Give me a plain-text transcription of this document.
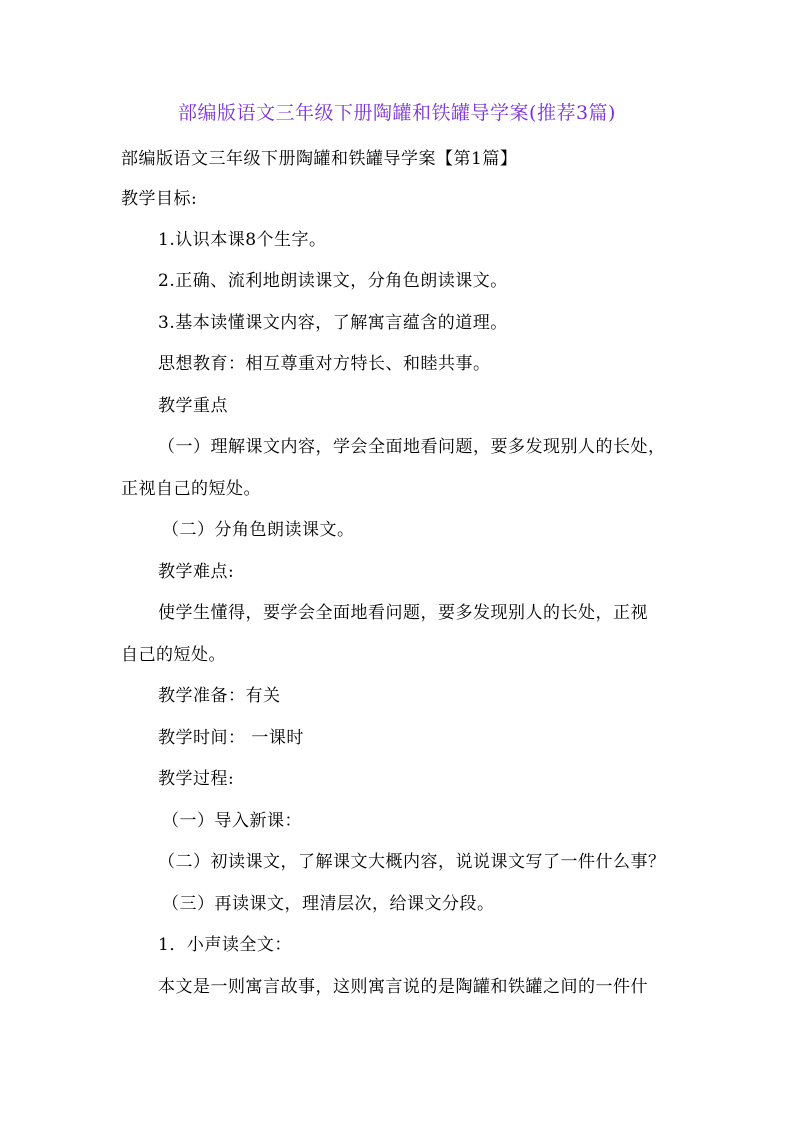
部编版语文三年级下册陶罐和铁罐导学案(推荐3篇)
部编版语文三年级下册陶罐和铁罐导学案【第1篇】
教学目标:
1.认识本课8个生字。
2.正确、流利地朗读课文，分角色朗读课文。
3.基本读懂课文内容，了解寓言蕴含的道理。
思想教育：相互尊重对方特长、和睦共事。
教学重点
（一）理解课文内容，学会全面地看问题，要多发现别人的长处，
正视自己的短处。
（二）分角色朗读课文。
教学难点:
使学生懂得，要学会全面地看问题，要多发现别人的长处，正视
自己的短处。
教学准备：有关
教学时间： 一课时
教学过程:
（一）导入新课：
（二）初读课文，了解课文大概内容，说说课文写了一件什么事？
（三）再读课文，理清层次，给课文分段。
1．小声读全文：
本文是一则寓言故事，这则寓言说的是陶罐和铁罐之间的一件什
